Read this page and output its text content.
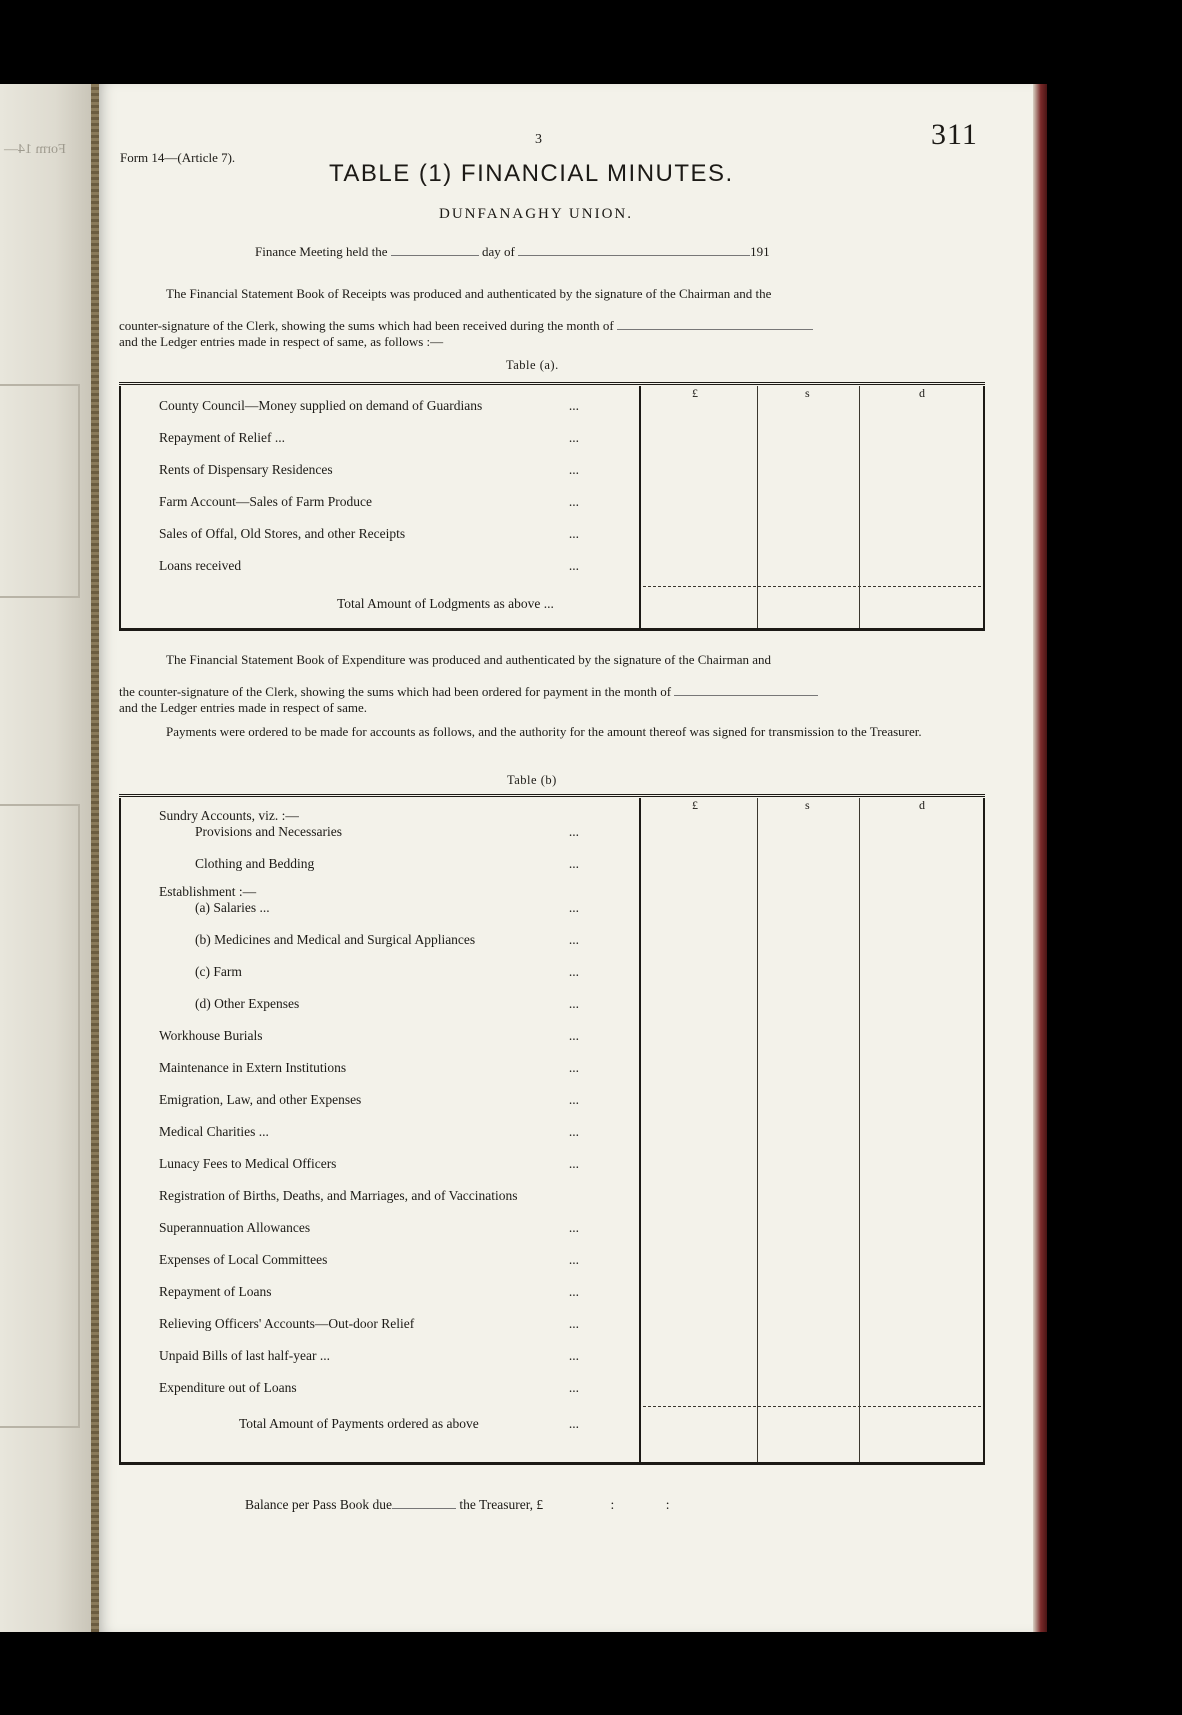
Form 14—
Form 14—(Article 7).
3	311
TABLE (1) FINANCIAL MINUTES.
DUNFANAGHY UNION.
Finance Meeting held the	day of	191
The Financial Statement Book of Receipts was produced and authenticated by the signature of the Chairman and the
counter-signature of the Clerk, showing the sums which had been received during the month of
and the Ledger entries made in respect of same, as follows :—
Table (a).
£	s	d
County Council—Money supplied on demand of Guardians	...
Repayment of Relief ...	...
Rents of Dispensary Residences	...
Farm Account—Sales of Farm Produce	...
Sales of Offal, Old Stores, and other Receipts	...
Loans received	...
Total Amount of Lodgments as above ...
The Financial Statement Book of Expenditure was produced and authenticated by the signature of the Chairman and
the counter-signature of the Clerk, showing the sums which had been ordered for payment in the month of
and the Ledger entries made in respect of same.
Payments were ordered to be made for accounts as follows, and the authority for the amount thereof was signed for transmission to the Treasurer.
Table (b)
£	s	d
Sundry Accounts, viz. :—
Provisions and Necessaries	...
Clothing and Bedding	...
Establishment :—
(a) Salaries ...	...
(b) Medicines and Medical and Surgical Appliances	...
(c) Farm	...
(d) Other Expenses	...
Workhouse Burials	...
Maintenance in Extern Institutions	...
Emigration, Law, and other Expenses	...
Medical Charities ...	...
Lunacy Fees to Medical Officers	...
Registration of Births, Deaths, and Marriages, and of Vaccinations
Superannuation Allowances	...
Expenses of Local Committees	...
Repayment of Loans	...
Relieving Officers' Accounts—Out-door Relief	...
Unpaid Bills of last half-year ...	...
Expenditure out of Loans	...
Total Amount of Payments ordered as above	...
Balance per Pass Book due	the Treasurer, £	:	:
